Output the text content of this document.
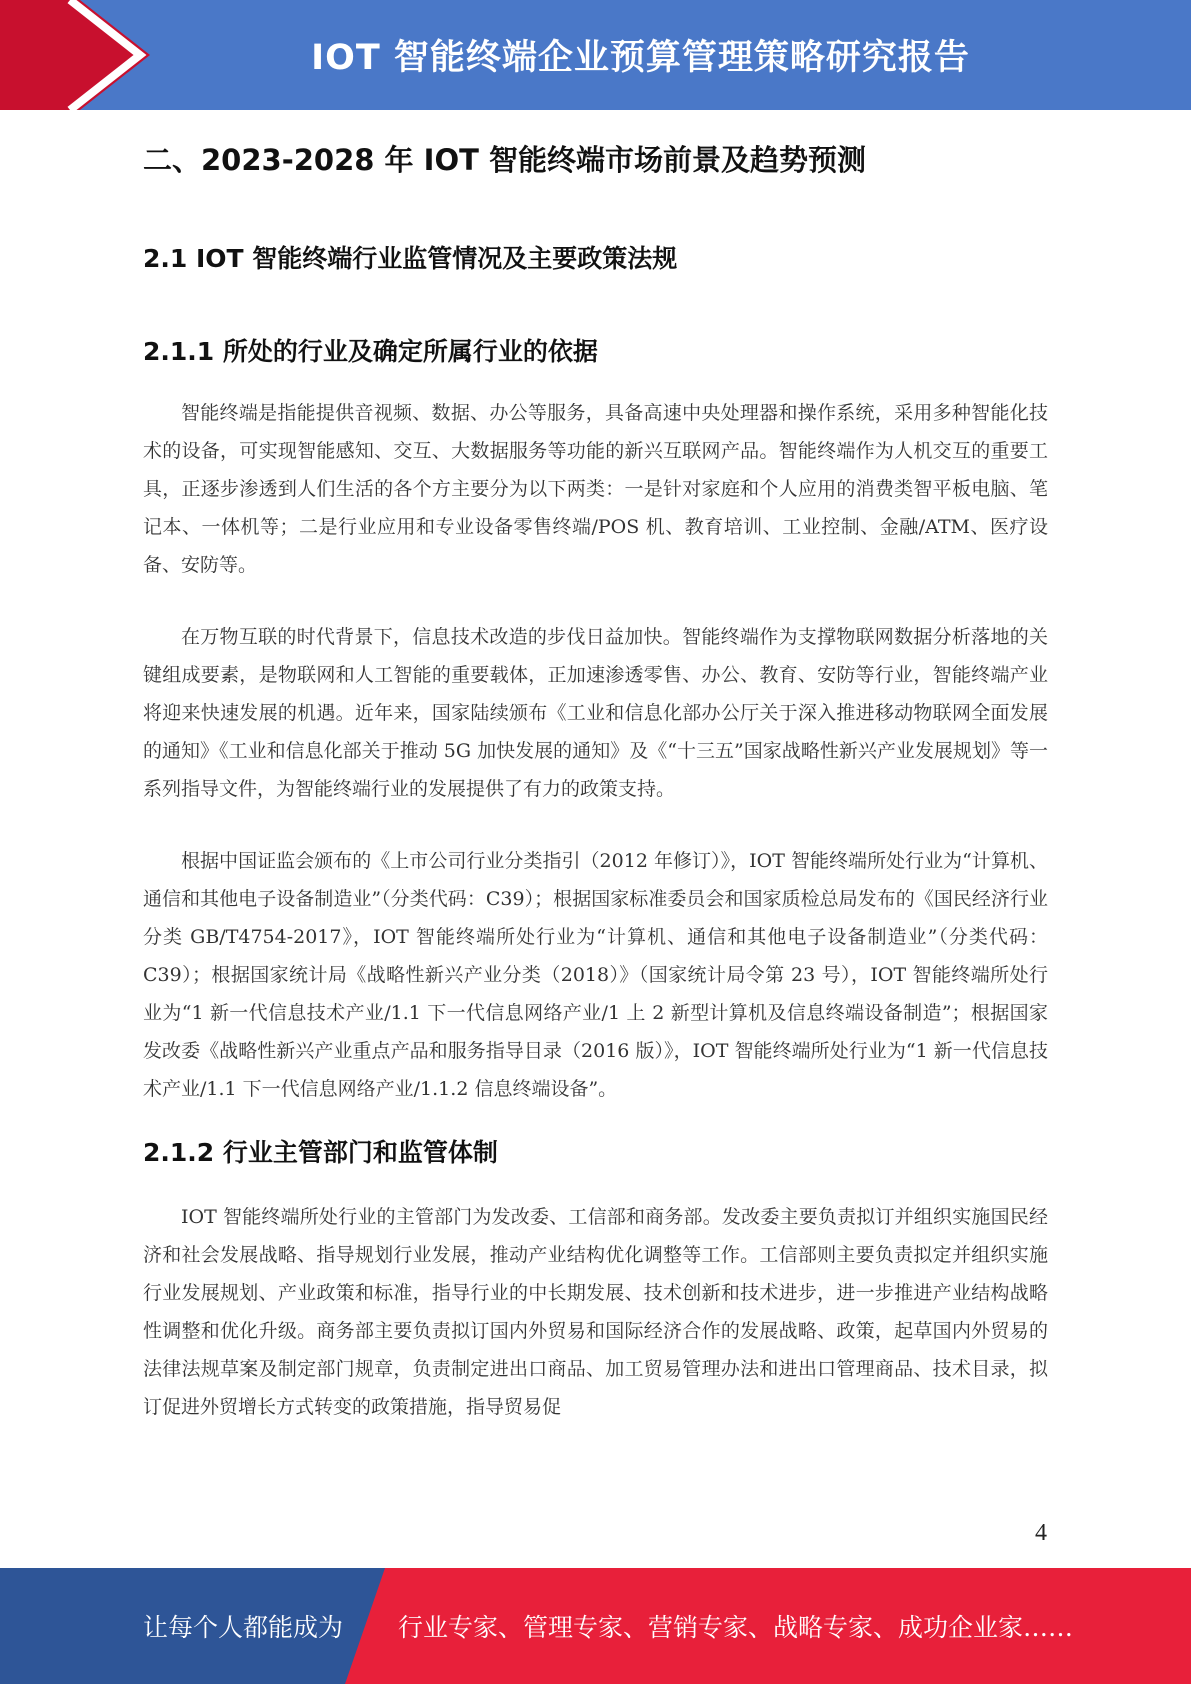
IOT 智能终端企业预算管理策略研究报告
二、2023-2028 年 IOT 智能终端市场前景及趋势预测
2.1 IOT 智能终端行业监管情况及主要政策法规
2.1.1 所处的行业及确定所属行业的依据

智能终端是指能提供音视频、数据、办公等服务，具备高速中央处理器和操作系统，采用多种智能化技术的设备，可实现智能感知、交互、大数据服务等功能的新兴互联网产品。智能终端作为人机交互的重要工具，正逐步渗透到人们生活的各个方主要分为以下两类：一是针对家庭和个人应用的消费类智平板电脑、笔记本、一体机等；二是行业应用和专业设备零售终端/POS 机、教育培训、工业控制、金融/ATM、医疗设备、安防等。

在万物互联的时代背景下，信息技术改造的步伐日益加快。智能终端作为支撑物联网数据分析落地的关键组成要素，是物联网和人工智能的重要载体，正加速渗透零售、办公、教育、安防等行业，智能终端产业将迎来快速发展的机遇。近年来，国家陆续颁布《工业和信息化部办公厅关于深入推进移动物联网全面发展的通知》《工业和信息化部关于推动 5G 加快发展的通知》及《“十三五”国家战略性新兴产业发展规划》等一系列指导文件，为智能终端行业的发展提供了有力的政策支持。

根据中国证监会颁布的《上市公司行业分类指引（2012 年修订）》，IOT 智能终端所处行业为“计算机、通信和其他电子设备制造业”（分类代码：C39）；根据国家标准委员会和国家质检总局发布的《国民经济行业分类 GB/T4754-2017》，IOT 智能终端所处行业为“计算机、通信和其他电子设备制造业”（分类代码：C39）；根据国家统计局《战略性新兴产业分类（2018）》（国家统计局令第 23 号），IOT 智能终端所处行业为“1 新一代信息技术产业/1.1 下一代信息网络产业/1 上 2 新型计算机及信息终端设备制造”；根据国家发改委《战略性新兴产业重点产品和服务指导目录（2016 版）》，IOT 智能终端所处行业为“1 新一代信息技术产业/1.1 下一代信息网络产业/1.1.2 信息终端设备”。

2.1.2 行业主管部门和监管体制

IOT 智能终端所处行业的主管部门为发改委、工信部和商务部。发改委主要负责拟订并组织实施国民经济和社会发展战略、指导规划行业发展，推动产业结构优化调整等工作。工信部则主要负责拟定并组织实施行业发展规划、产业政策和标准，指导行业的中长期发展、技术创新和技术进步，进一步推进产业结构战略性调整和优化升级。商务部主要负责拟订国内外贸易和国际经济合作的发展战略、政策，起草国内外贸易的法律法规草案及制定部门规章，负责制定进出口商品、加工贸易管理办法和进出口管理商品、技术目录，拟订促进外贸增长方式转变的政策措施，指导贸易促

4
让每个人都能成为 行业专家、管理专家、营销专家、战略专家、成功企业家……
